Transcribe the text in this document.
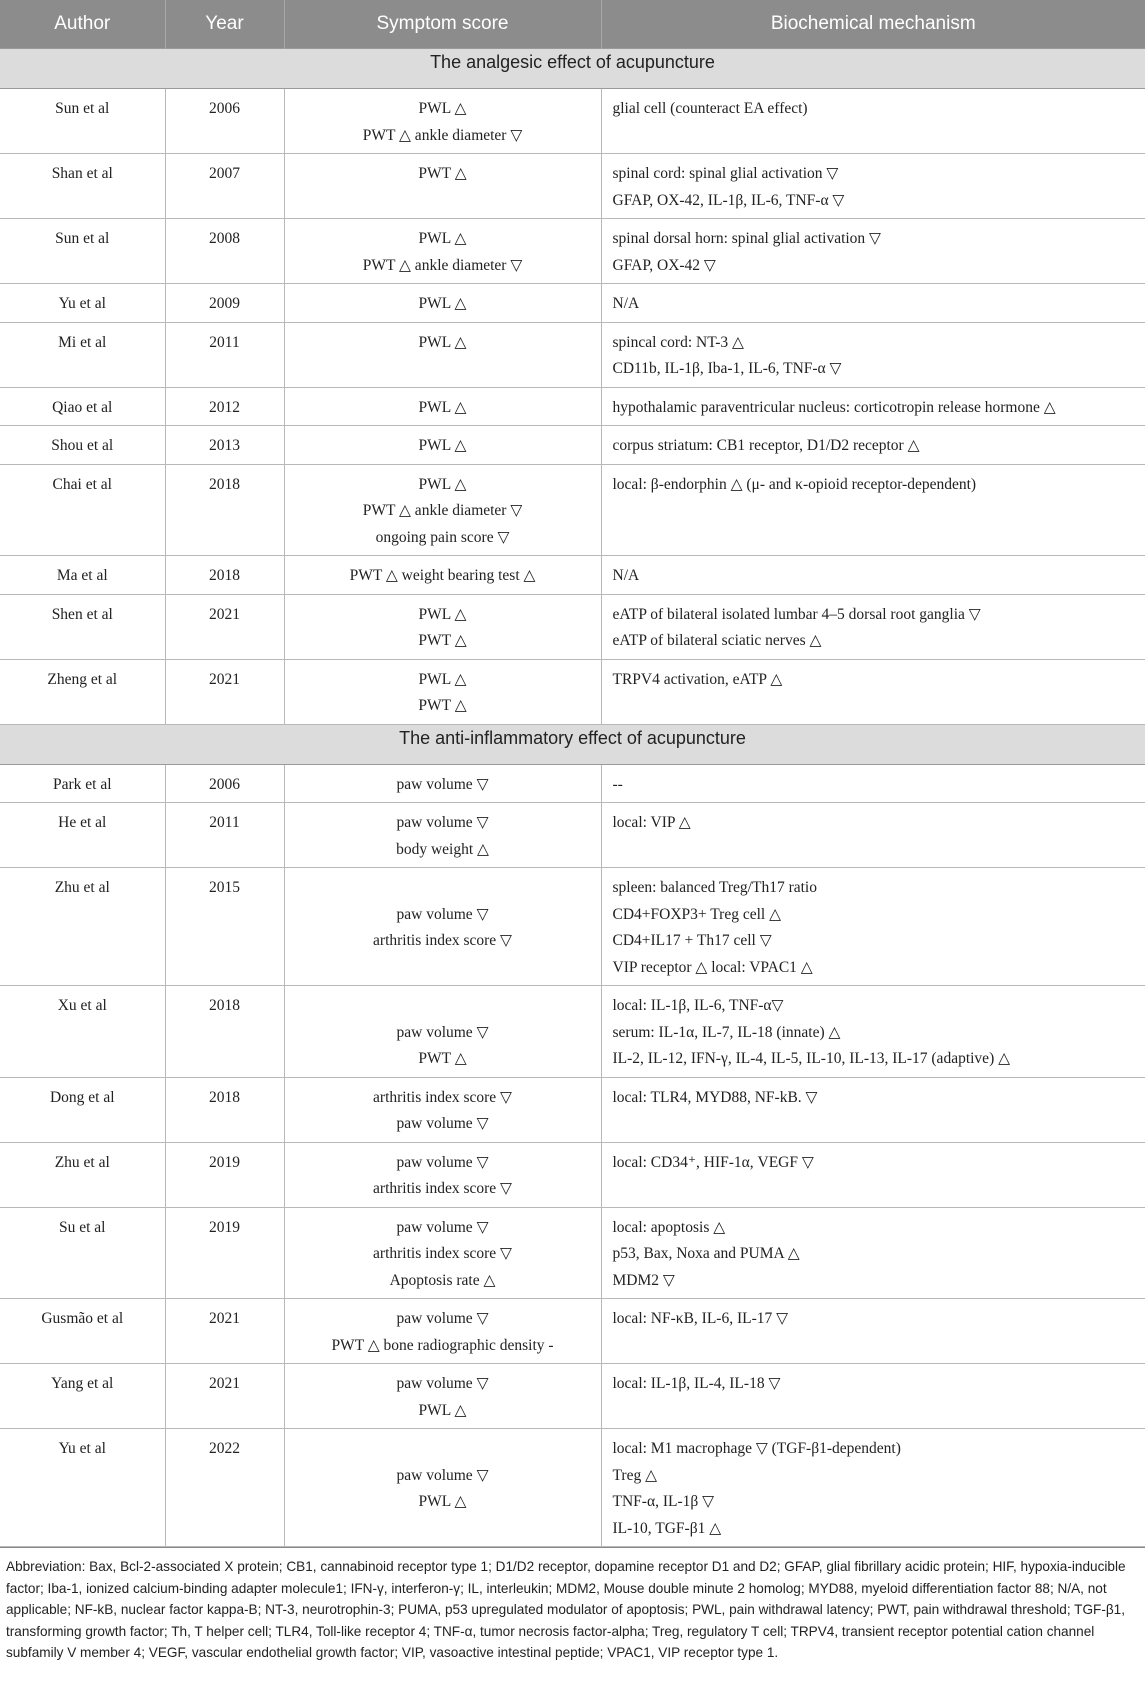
Author	Year	Symptom score	Biochemical mechanism
The analgesic effect of acupuncture			
Sun et al	2006	PWL △
PWT △ ankle diameter ▽	glial cell (counteract EA effect)

Shan et al	2007	PWT △	spinal cord: spinal glial activation ▽
GFAP, OX-42, IL-1β, IL-6, TNF-α ▽

Sun et al	2008	PWL △
PWT △ ankle diameter ▽	spinal dorsal horn: spinal glial activation ▽
GFAP, OX-42 ▽

Yu et al	2009	PWL △	N/A

Mi et al	2011	PWL △	spincal cord: NT-3 △
CD11b, IL-1β, Iba-1, IL-6, TNF-α ▽

Qiao et al	2012	PWL △	hypothalamic paraventricular nucleus: corticotropin release hormone △

Shou et al	2013	PWL △	corpus striatum: CB1 receptor, D1/D2 receptor △

Chai et al	2018	PWL △
PWT △ ankle diameter ▽
ongoing pain score ▽	local: β-endorphin △ (μ- and κ-opioid receptor-dependent)

Ma et al	2018	PWT △ weight bearing test △	N/A

Shen et al	2021	PWL △
PWT △	eATP of bilateral isolated lumbar 4–5 dorsal root ganglia ▽
eATP of bilateral sciatic nerves △

Zheng et al	2021	PWL △
PWT △	TRPV4 activation, eATP △

The anti-inflammatory effect of acupuncture			
Park et al	2006	paw volume ▽	--

He et al	2011	paw volume ▽
body weight △	local: VIP △

Zhu et al	2015	paw volume ▽
arthritis index score ▽	spleen: balanced Treg/Th17 ratio
CD4+FOXP3+ Treg cell △
CD4+IL17 + Th17 cell ▽
VIP receptor △ local: VPAC1 △

Xu et al	2018	paw volume ▽
PWT △	local: IL-1β, IL-6, TNF-α▽
serum: IL-1α, IL-7, IL-18 (innate) △
IL-2, IL-12, IFN-γ, IL-4, IL-5, IL-10, IL-13, IL-17 (adaptive) △

Dong et al	2018	arthritis index score ▽
paw volume ▽	local: TLR4, MYD88, NF-kB. ▽

Zhu et al	2019	paw volume ▽
arthritis index score ▽	local: CD34⁺, HIF-1α, VEGF ▽

Su et al	2019	paw volume ▽
arthritis index score ▽
Apoptosis rate △	local: apoptosis △
p53, Bax, Noxa and PUMA △
MDM2 ▽

Gusmão et al	2021	paw volume ▽
PWT △ bone radiographic density -	local: NF-κB, IL-6, IL-17 ▽

Yang et al	2021	paw volume ▽
PWL △	local: IL-1β, IL-4, IL-18 ▽

Yu et al	2022	paw volume ▽
PWL △	local: M1 macrophage ▽ (TGF-β1-dependent)
Treg △
TNF-α, IL-1β ▽
IL-10, TGF-β1 △
Abbreviation: Bax, Bcl-2-associated X protein; CB1, cannabinoid receptor type 1; D1/D2 receptor, dopamine receptor D1 and D2; GFAP, glial fibrillary acidic protein; HIF, hypoxia-inducible factor; Iba-1, ionized calcium-binding adapter molecule1; IFN-γ, interferon-γ; IL, interleukin; MDM2, Mouse double minute 2 homolog; MYD88, myeloid differentiation factor 88; N/A, not applicable; NF-kB, nuclear factor kappa-B; NT-3, neurotrophin-3; PUMA, p53 upregulated modulator of apoptosis; PWL, pain withdrawal latency; PWT, pain withdrawal threshold; TGF-β1, transforming growth factor; Th, T helper cell; TLR4, Toll-like receptor 4; TNF-α, tumor necrosis factor-alpha; Treg, regulatory T cell; TRPV4, transient receptor potential cation channel subfamily V member 4; VEGF, vascular endothelial growth factor; VIP, vasoactive intestinal peptide; VPAC1, VIP receptor type 1.
